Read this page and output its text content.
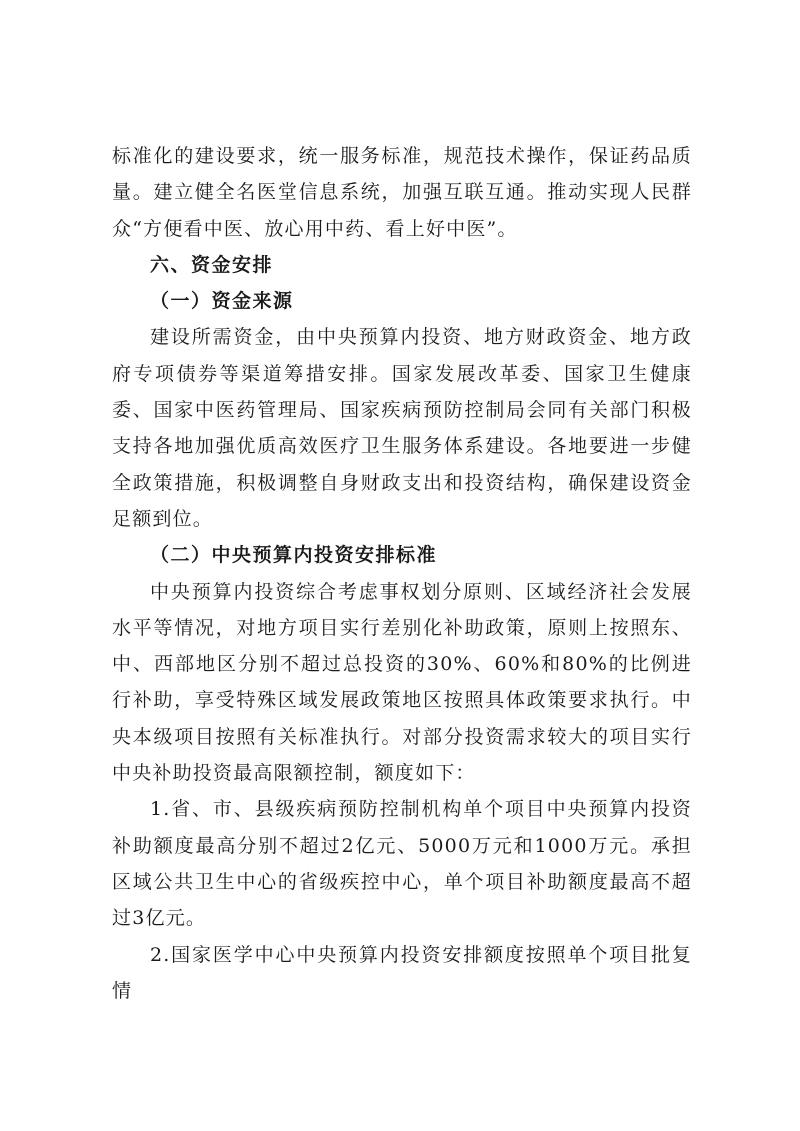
标准化的建设要求，统一服务标准，规范技术操作，保证药品质量。建立健全名医堂信息系统，加强互联互通。推动实现人民群众“方便看中医、放心用中药、看上好中医”。

六、资金安排

（一）资金来源

建设所需资金，由中央预算内投资、地方财政资金、地方政府专项债券等渠道筹措安排。国家发展改革委、国家卫生健康委、国家中医药管理局、国家疾病预防控制局会同有关部门积极支持各地加强优质高效医疗卫生服务体系建设。各地要进一步健全政策措施，积极调整自身财政支出和投资结构，确保建设资金足额到位。

（二）中央预算内投资安排标准

中央预算内投资综合考虑事权划分原则、区域经济社会发展水平等情况，对地方项目实行差别化补助政策，原则上按照东、中、西部地区分别不超过总投资的30%、60%和80%的比例进行补助，享受特殊区域发展政策地区按照具体政策要求执行。中央本级项目按照有关标准执行。对部分投资需求较大的项目实行中央补助投资最高限额控制，额度如下：

1.省、市、县级疾病预防控制机构单个项目中央预算内投资补助额度最高分别不超过2亿元、5000万元和1000万元。承担区域公共卫生中心的省级疾控中心，单个项目补助额度最高不超过3亿元。

2.国家医学中心中央预算内投资安排额度按照单个项目批复情
